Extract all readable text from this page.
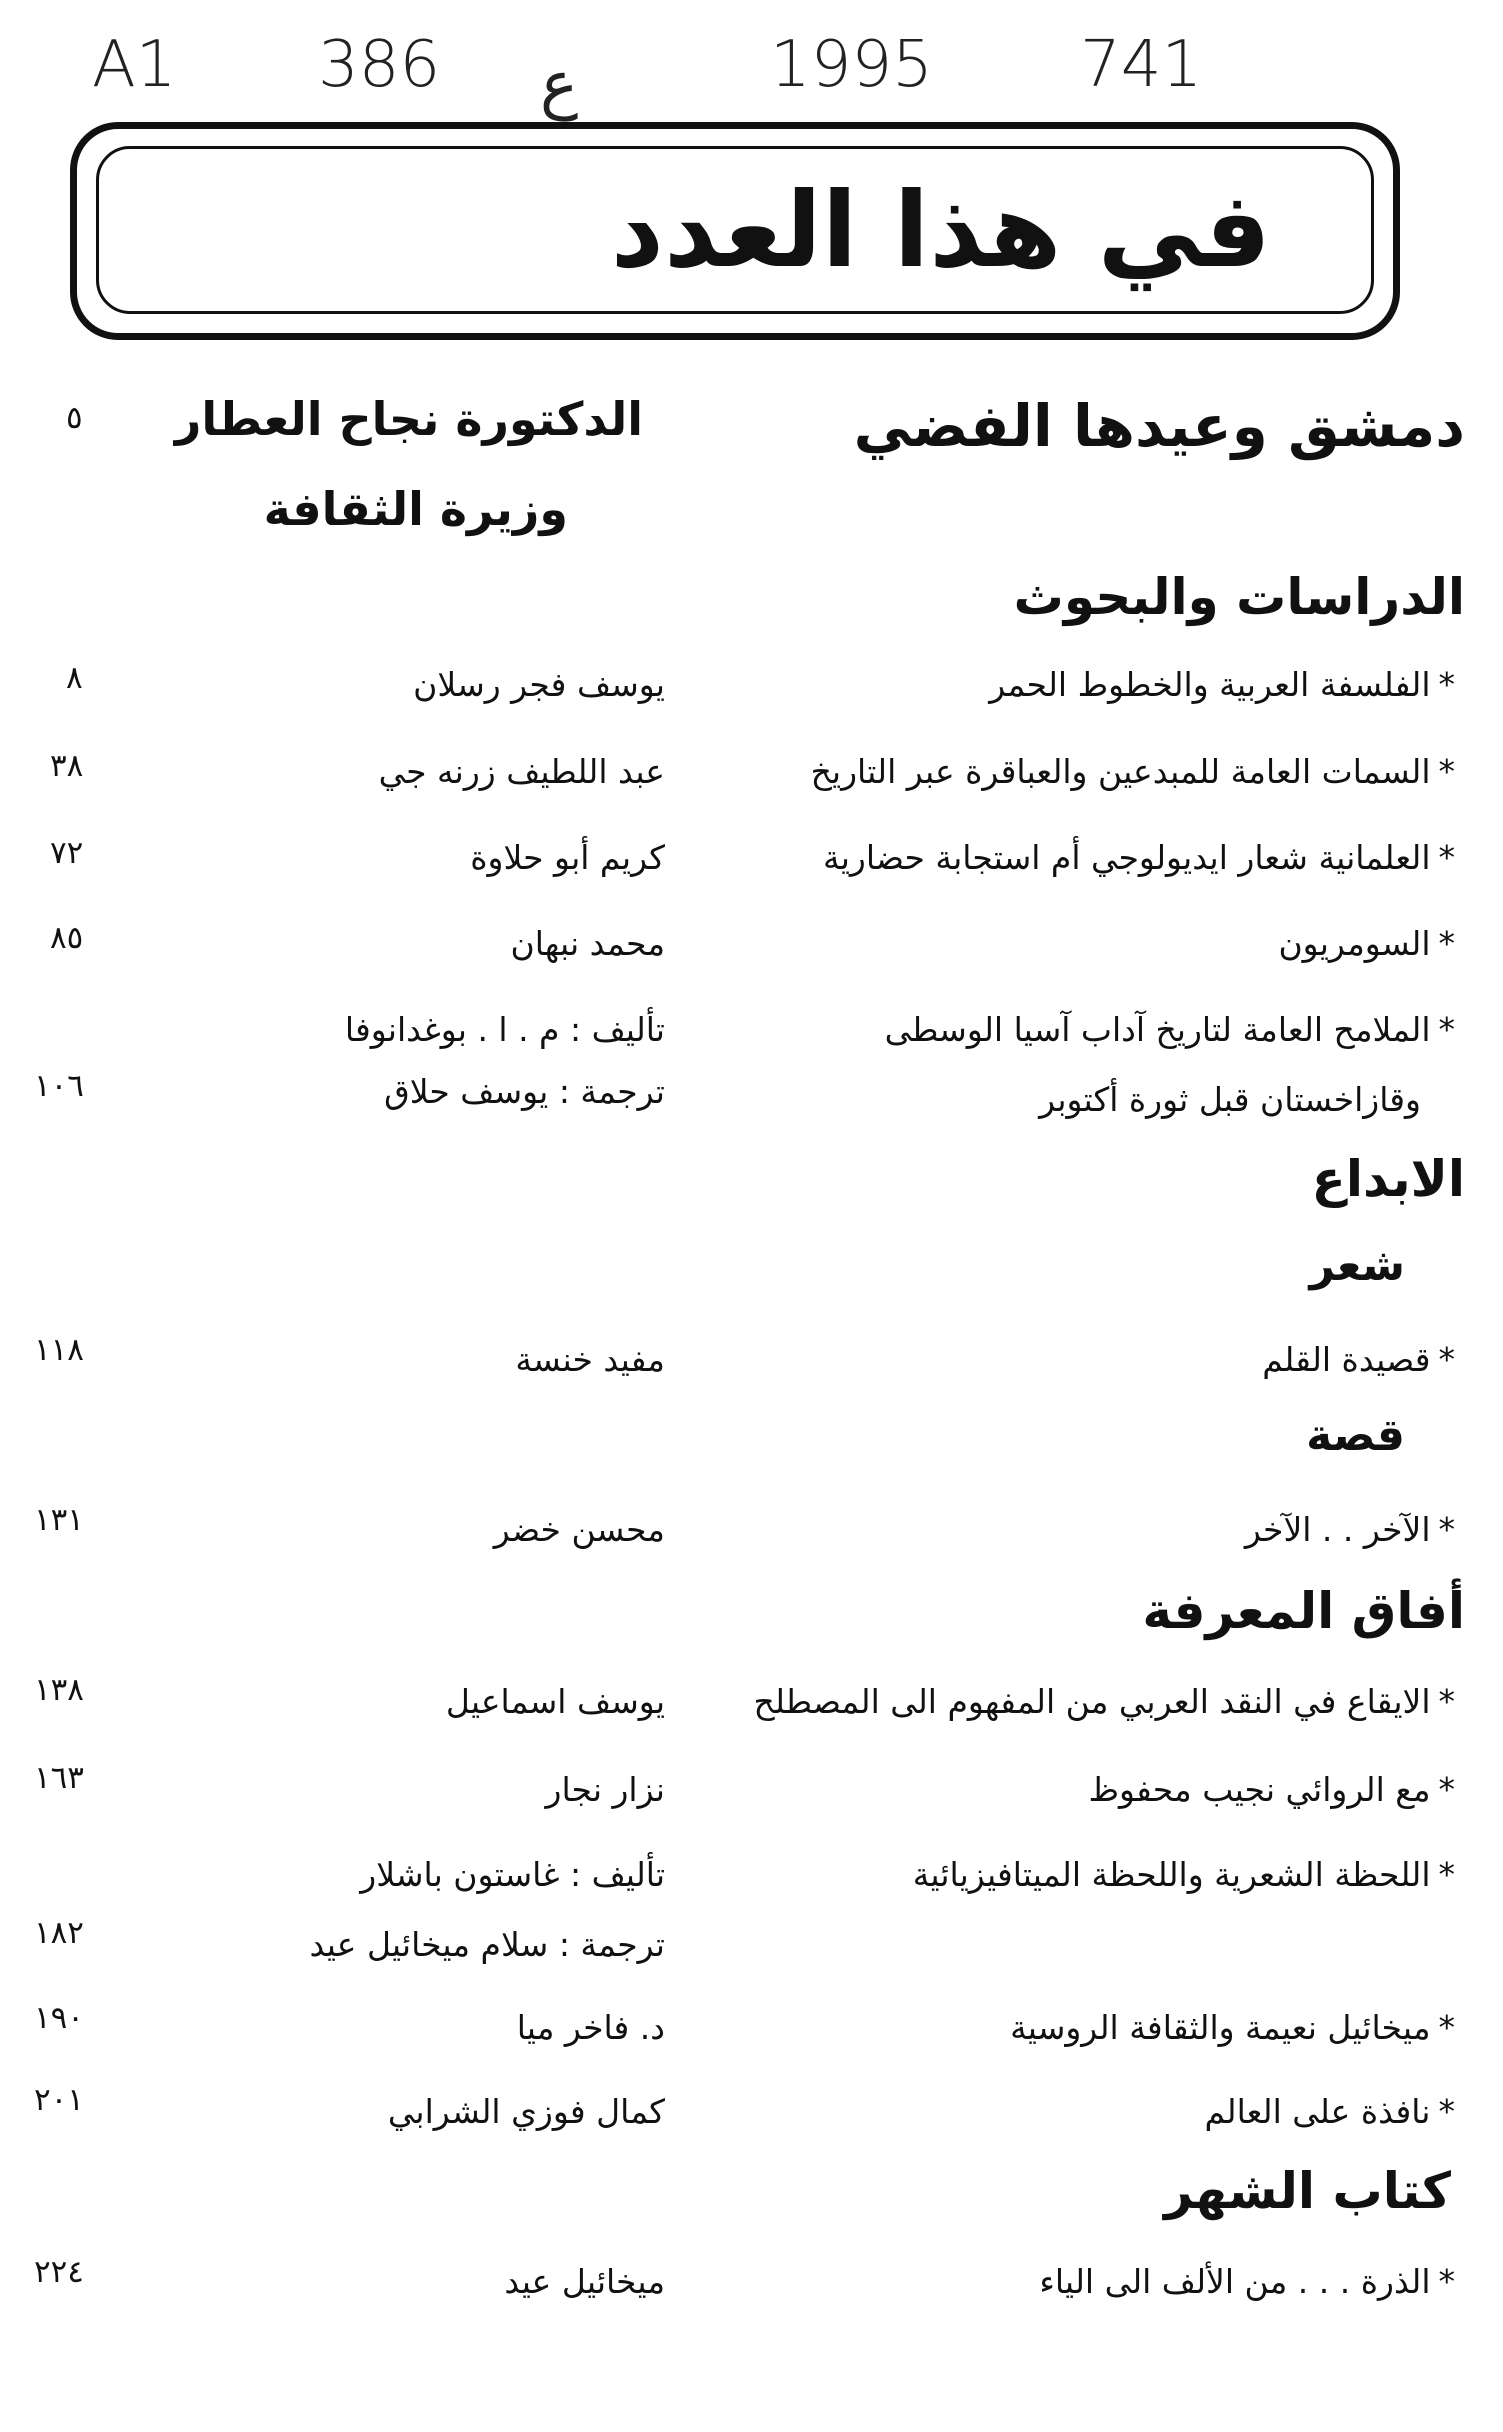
A1 386 ع	1995 741
في هذا العدد
دمشق وعيدها الفضي
الدكتورة نجاح العطار
وزيرة الثقافة
٥
الدراسات والبحوث
*الفلسفة العربية والخطوط الحمر
يوسف فجر رسلان
٨
*السمات العامة للمبدعين والعباقرة عبر التاريخ
عبد اللطيف زرنه جي
٣٨
*العلمانية شعار ايديولوجي أم استجابة حضارية
كريم أبو حلاوة
٧٢
*السومريون
محمد نبهان
٨٥
*الملامح العامة لتاريخ آداب آسيا الوسطى
وقازاخستان قبل ثورة أكتوبر
تأليف : م . ا . بوغدانوفا
ترجمة : يوسف حلاق
١٠٦
الابداع
شعر
*قصيدة القلم
مفيد خنسة
١١٨
قصة
*الآخر . . الآخر
محسن خضر
١٣١
أفاق المعرفة
*الايقاع في النقد العربي من المفهوم الى المصطلح
يوسف اسماعيل
١٣٨
*مع الروائي نجيب محفوظ
نزار نجار
١٦٣
*اللحظة الشعرية واللحظة الميتافيزيائية
تأليف : غاستون باشلار
ترجمة : سلام ميخائيل عيد
١٨٢
*ميخائيل نعيمة والثقافة الروسية
د. فاخر ميا
١٩٠
*نافذة على العالم
كمال فوزي الشرابي
٢٠١
كتاب الشهر
*الذرة . . . من الألف الى الياء
ميخائيل عيد
٢٢٤
